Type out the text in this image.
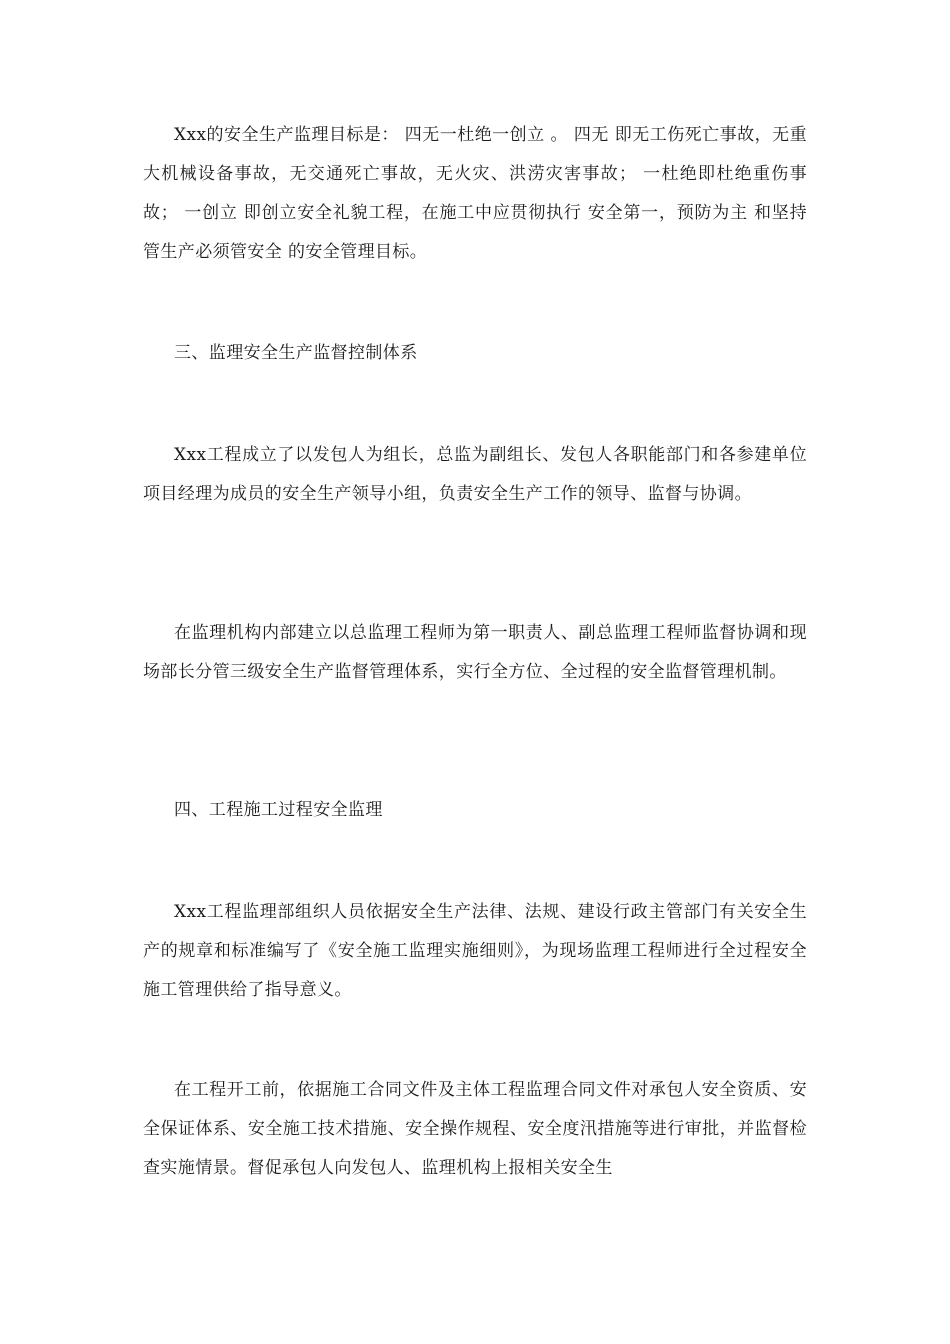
Xxx的安全生产监理目标是： 四无一杜绝一创立 。 四无 即无工伤死亡事故，无重大机械设备事故，无交通死亡事故，无火灾、洪涝灾害事故； 一杜绝即杜绝重伤事故； 一创立 即创立安全礼貌工程，在施工中应贯彻执行 安全第一，预防为主 和坚持 管生产必须管安全 的安全管理目标。
三、监理安全生产监督控制体系
Xxx工程成立了以发包人为组长，总监为副组长、发包人各职能部门和各参建单位项目经理为成员的安全生产领导小组，负责安全生产工作的领导、监督与协调。
在监理机构内部建立以总监理工程师为第一职责人、副总监理工程师监督协调和现场部长分管三级安全生产监督管理体系，实行全方位、全过程的安全监督管理机制。
四、工程施工过程安全监理
Xxx工程监理部组织人员依据安全生产法律、法规、建设行政主管部门有关安全生产的规章和标准编写了《安全施工监理实施细则》，为现场监理工程师进行全过程安全施工管理供给了指导意义。
在工程开工前，依据施工合同文件及主体工程监理合同文件对承包人安全资质、安全保证体系、安全施工技术措施、安全操作规程、安全度汛措施等进行审批，并监督检查实施情景。督促承包人向发包人、监理机构上报相关安全生
